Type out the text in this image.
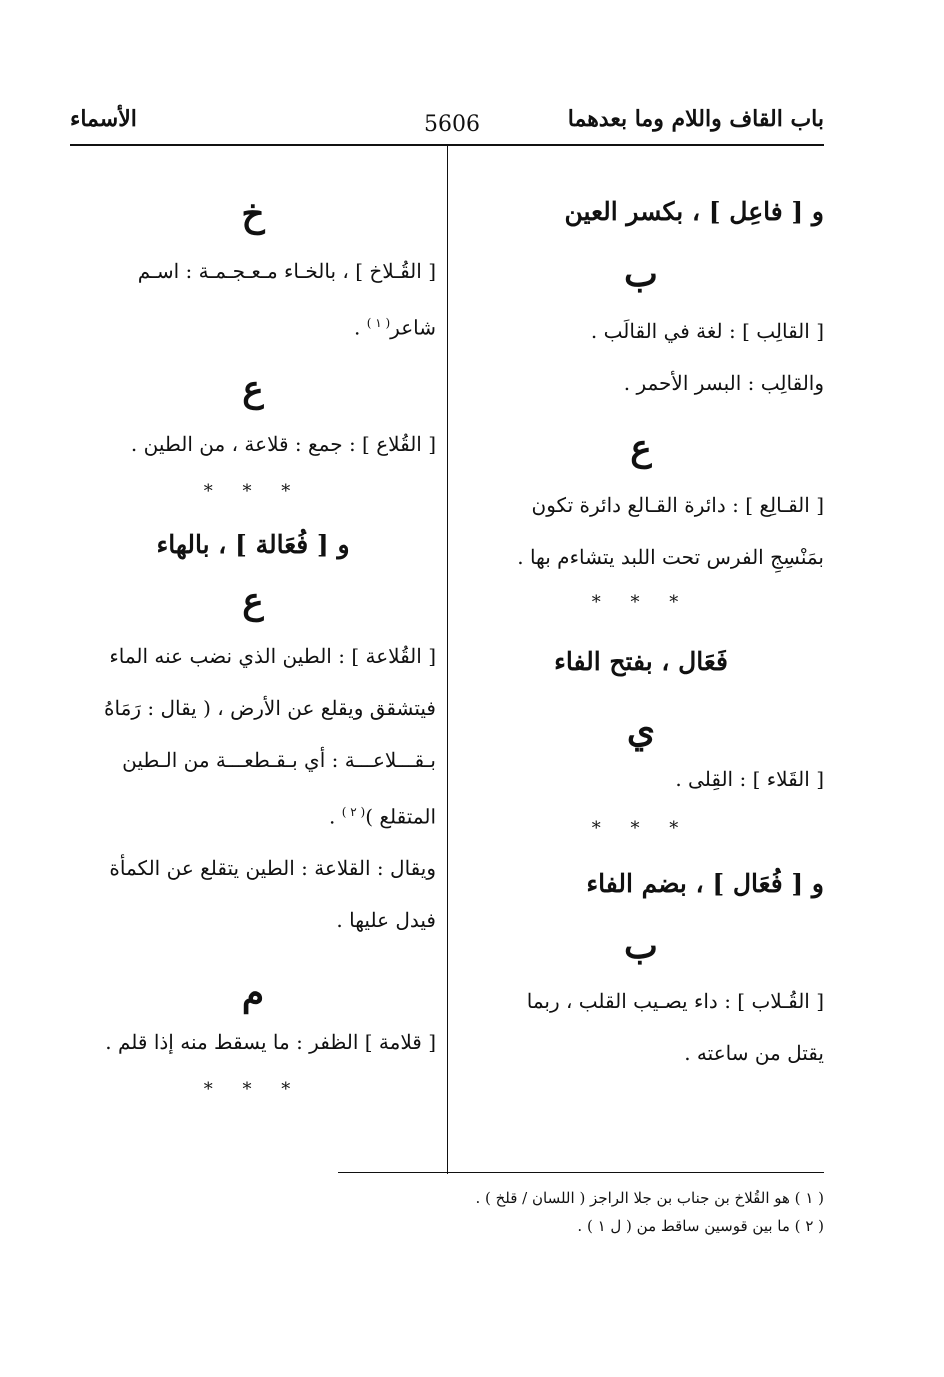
باب القاف واللام وما بعدهما
5606
الأسماء
و [ فاعِل ] ، بكسر العين
ب
[ القالِب ] : لغة في القالَب .
والقالِب : البسر الأحمر .
ع
[ القـالِع ] : دائرة القـالع دائرة تكون
بمَنْسِجِ الفرس تحت اللبد يتشاءم بها .
* * *
فَعَال ، بفتح الفاء
ي
[ القَلاء ] : القِلى .
* * *
و [ فُعَال ] ، بضم الفاء
ب
[ القُـلاب ] : داء يصـيب القلب ، ربما
يقتل من ساعته .
خ
[ القُـلاخ ] ، بالخـاء مـعـجـمـة : اسـم
شاعر$^{( ١ )}$ .
ع
[ القُلاع ] : جمع : قلاعة ، من الطين .
* * *
و [ فُعَالة ] ، بالهاء
ع
[ القُلاعة ] : الطين الذي نضب عنه الماء
فيتشقق ويقلع عن الأرض ، ( يقال : رَمَاهُ
بـقـــلاعـــة : أي بـقـطعـــة من الـطين
المتقلع )$^{( ٢ )}$ .
ويقال : القلاعة : الطين يتقلع عن الكمأة
فيدل عليها .
م
[ قلامة ] الظفر : ما يسقط منه إذا قلم .
* * *
( ١ ) هو القُلاخ بن جناب بن جلا الراجز ( اللسان / قلخ ) .
( ٢ ) ما بين قوسين ساقط من ( ل ١ ) .
